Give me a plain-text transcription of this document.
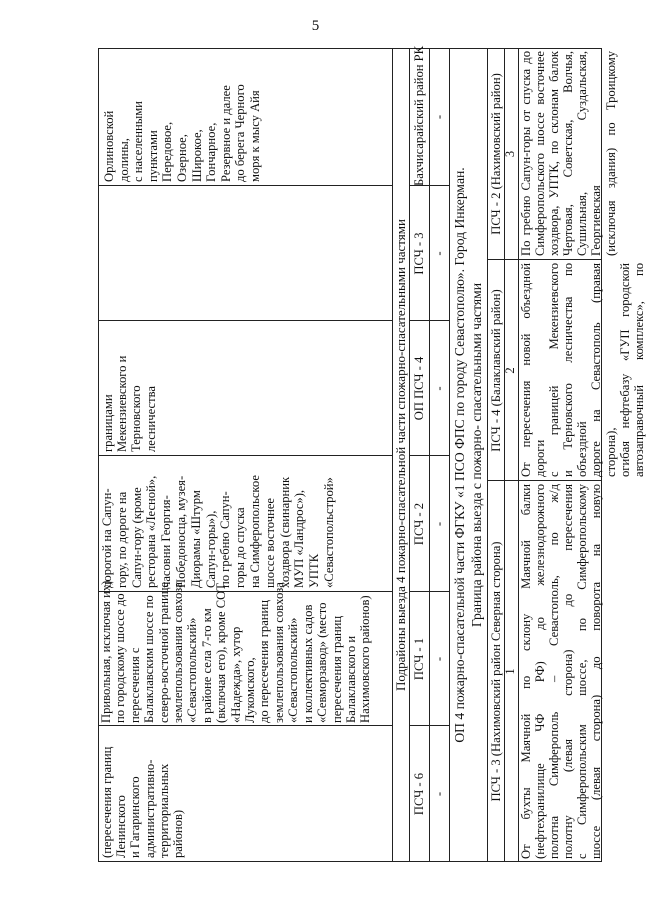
5
(пересечения границ Ленинского и Гагаринского административно- территориальных районов)
Привольная, исключая их) по городскому шоссе до пересечения с Балаклавским шоссе по северо-восточной границе землепользования совхоза «Севастопольский» в районе села 7-го км (включая его), кроме СОТ «Надежда», хутор Лукомского, до пересечения границ землепользования совхоза «Севастопольский» и коллективных садов «Севморзавод» (место пересечения границ Балаклавского и Нахимовского районов)
дорогой на Сапун- гору, по дороге на Сапун-гору (кроме ресторана «Лесной», часовни Георгия- Победоносца, музея- Диорамы «Штурм Сапун-горы»), по гребню Сапун- горы до спуска на Симферопольское шоссе восточнее хоздвора (свинарник МУП «Ландрос»), УПТК «Севастопольстрой»
границами Мекензиевского и Терновского лесничества
Орлиновской долины, с населенными пунктами Передовое, Озерное, Широкое, Гончарное, Резервное и далее до берега Черного моря к мысу Айя
Подрайоны выезда 4 пожарно-спасательной части спожарно-спасательными частями
ПСЧ - 6
ПСЧ - 1
ПСЧ - 2
ОП ПСЧ - 4
ПСЧ - 3
Бахчисарайский район РК
-
-
-
-
-
-
ОП 4 пожарно-спасательной части ФГКУ «1 ПСО ФПС по городу Севастополю». Город Инкерман. Граница района выезда с пожарно- спасательными частями
ПСЧ - 3 (Нахимовский район Северная сторона)
ПСЧ - 4 (Балаклавский район)
ПСЧ - 2 (Нахимовский район)
1
2
3
От бухты Маячной по склону Маячной балки (нефтехранилище ЧФ РФ) до железнодорожного полотна Симферополь – Севастополь, по ж/д полотну (левая сторона) до пересечения с Симферопольским шоссе, по Симферопольскому шоссе (левая сторона) до поворота на новую
От пересечения новой объездной дороги с границей Мекензиевского и Терновского лесничества по объездной дороге на Севастополь (правая сторона), огибая нефтебазу «ГУП городской автозаправочный комплекс», по
По гребню Сапун-горы от спуска до Симферопольского шоссе восточнее хоздвора, УПТК, по склонам балок Чертовая, Советская, Волчья, Сушильная, Суздальская, Георгиевская (исключая здания) по Троицкому
